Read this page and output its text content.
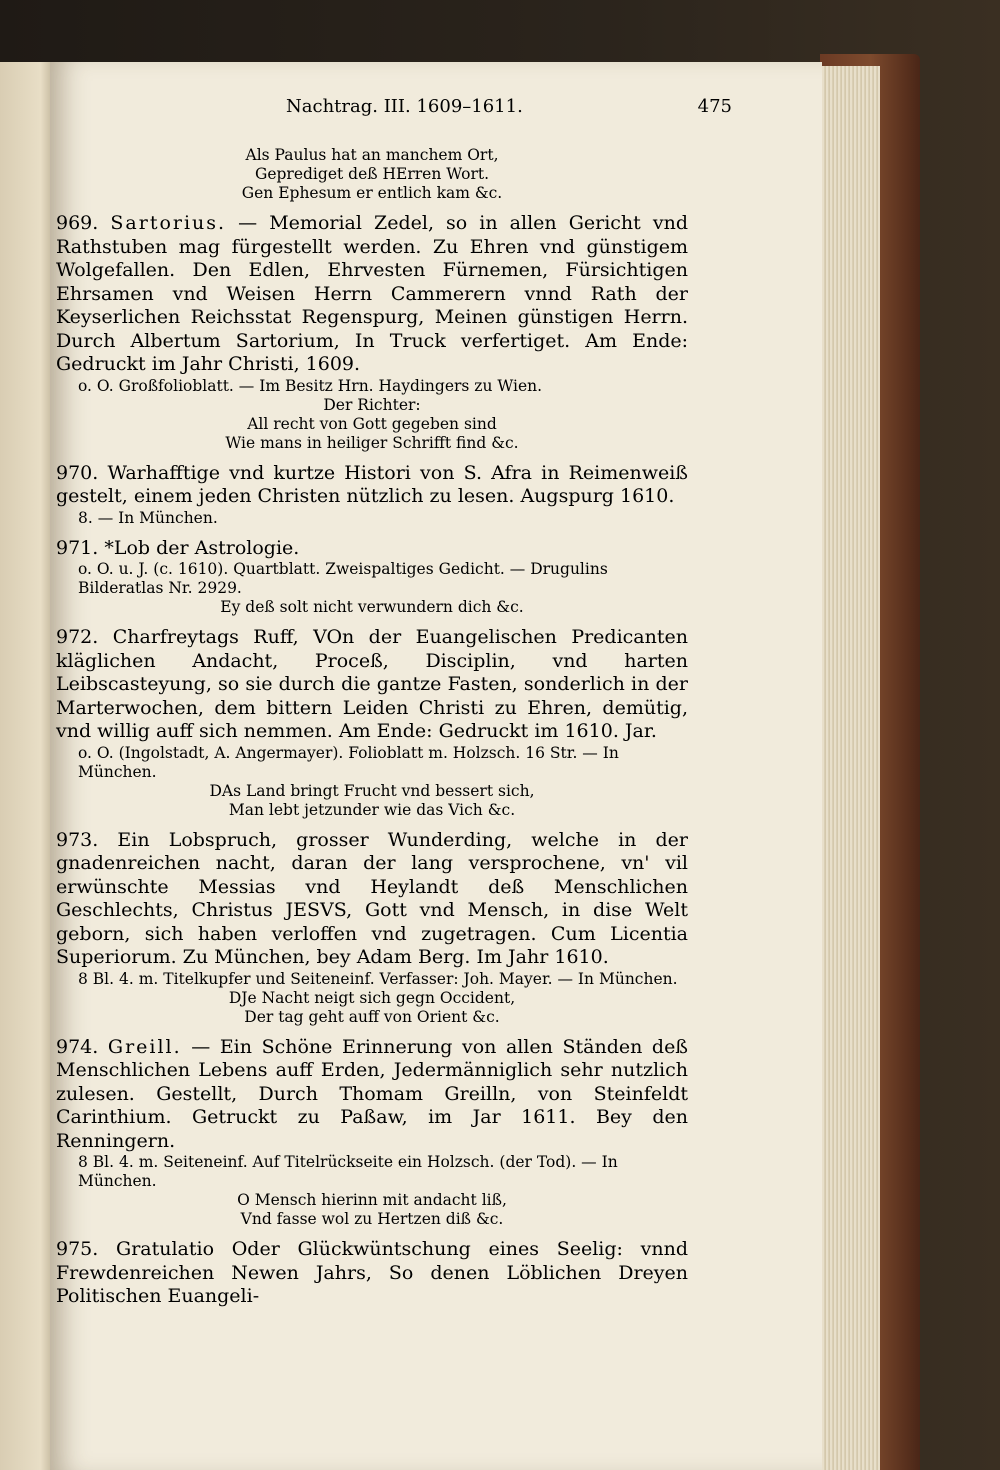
Nachtrag. III. 1609–1611.	475

Als Paulus hat an manchem Ort,

Geprediget deß HErren Wort.

Gen Ephesum er entlich kam &c.

969. Sartorius. — Memorial Zedel, so in allen Gericht vnd Rathstuben mag fürgestellt werden. Zu Ehren vnd günstigem Wolgefallen. Den Edlen, Ehrvesten Fürnemen, Fürsichtigen Ehrsamen vnd Weisen Herrn Cammerern vnnd Rath der Keyserlichen Reichsstat Regenspurg, Meinen günstigen Herrn. Durch Albertum Sartorium, In Truck verfertiget. Am Ende: Gedruckt im Jahr Christi, 1609.

o. O. Großfolioblatt. — Im Besitz Hrn. Haydingers zu Wien.

Der Richter:

All recht von Gott gegeben sind

Wie mans in heiliger Schrifft find &c.

970. Warhafftige vnd kurtze Histori von S. Afra in Reimenweiß gestelt, einem jeden Christen nützlich zu lesen. Augspurg 1610.

8. — In München.

971. *Lob der Astrologie.

o. O. u. J. (c. 1610). Quartblatt. Zweispaltiges Gedicht. — Drugulins Bilderatlas Nr. 2929.

Ey deß solt nicht verwundern dich &c.

972. Charfreytags Ruff, VOn der Euangelischen Predicanten kläglichen Andacht, Proceß, Disciplin, vnd harten Leibscasteyung, so sie durch die gantze Fasten, sonderlich in der Marterwochen, dem bittern Leiden Christi zu Ehren, demütig, vnd willig auff sich nemmen. Am Ende: Gedruckt im 1610. Jar.

o. O. (Ingolstadt, A. Angermayer). Folioblatt m. Holzsch. 16 Str. — In München.

DAs Land bringt Frucht vnd bessert sich,

Man lebt jetzunder wie das Vich &c.

973. Ein Lobspruch, grosser Wunderding, welche in der gnadenreichen nacht, daran der lang versprochene, vn' vil erwünschte Messias vnd Heylandt deß Menschlichen Geschlechts, Christus JESVS, Gott vnd Mensch, in dise Welt geborn, sich haben verloffen vnd zugetragen. Cum Licentia Superiorum. Zu München, bey Adam Berg. Im Jahr 1610.

8 Bl. 4. m. Titelkupfer und Seiteneinf. Verfasser: Joh. Mayer. — In München.

DJe Nacht neigt sich gegn Occident,

Der tag geht auff von Orient &c.

974. Greill. — Ein Schöne Erinnerung von allen Ständen deß Menschlichen Lebens auff Erden, Jedermänniglich sehr nutzlich zulesen. Gestellt, Durch Thomam Greilln, von Steinfeldt Carinthium. Getruckt zu Paßaw, im Jar 1611. Bey den Renningern.

8 Bl. 4. m. Seiteneinf. Auf Titelrückseite ein Holzsch. (der Tod). — In München.

O Mensch hierinn mit andacht liß,

Vnd fasse wol zu Hertzen diß &c.

975. Gratulatio Oder Glückwüntschung eines Seelig: vnnd Frewdenreichen Newen Jahrs, So denen Löblichen Dreyen Politischen Euangeli-
